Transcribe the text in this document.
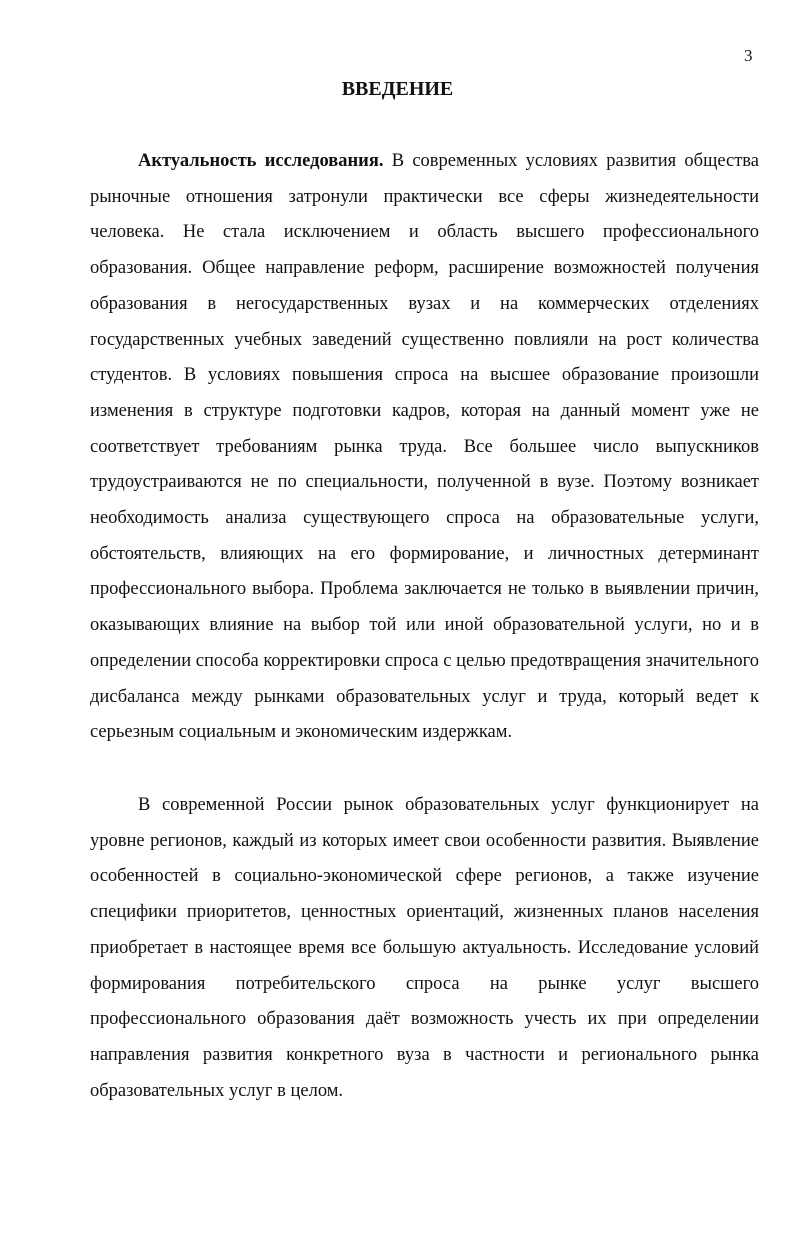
3
ВВЕДЕНИЕ

Актуальность исследования. В современных условиях развития общества рыночные отношения затронули практически все сферы жизнедеятельности человека. Не стала исключением и область высшего профессионального образования. Общее направление реформ, расширение возможностей получения образования в негосударственных вузах и на коммерческих отделениях государственных учебных заведений существенно повлияли на рост количества студентов. В условиях повышения спроса на высшее образование произошли изменения в структуре подготовки кадров, которая на данный момент уже не соответствует требованиям рынка труда. Все большее число выпускников трудоустраиваются не по специальности, полученной в вузе. Поэтому возникает необходимость анализа существующего спроса на образовательные услуги, обстоятельств, влияющих на его формирование, и личностных детерминант профессионального выбора. Проблема заключается не только в выявлении причин, оказывающих влияние на выбор той или иной образовательной услуги, но и в определении способа корректировки спроса с целью предотвращения значительного дисбаланса между рынками образовательных услуг и труда, который ведет к серьезным социальным и экономическим издержкам.

В современной России рынок образовательных услуг функционирует на уровне регионов, каждый из которых имеет свои особенности развития. Выявление особенностей в социально-экономической сфере регионов, а также изучение специфики приоритетов, ценностных ориентаций, жизненных планов населения приобретает в настоящее время все большую актуальность. Исследование условий формирования потребительского спроса на рынке услуг высшего профессионального образования даёт возможность учесть их при определении направления развития конкретного вуза в частности и регионального рынка образовательных услуг в целом.
